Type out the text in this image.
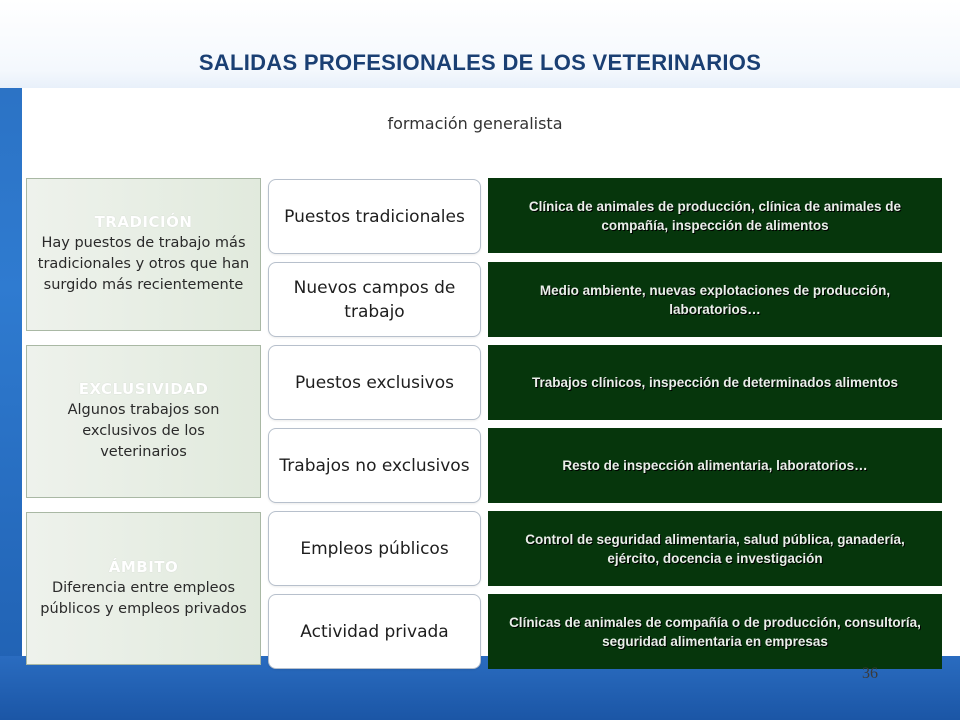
SALIDAS PROFESIONALES DE LOS VETERINARIOS
formación generalista
TRADICIÓN
Hay puestos de trabajo más tradicionales y otros que han surgido más recientemente
EXCLUSIVIDAD
Algunos trabajos son exclusivos de los veterinarios
ÁMBITO
Diferencia entre empleos públicos y empleos privados
Puestos tradicionales
Nuevos campos de trabajo
Puestos exclusivos
Trabajos no exclusivos
Empleos públicos
Actividad privada
Clínica de animales de producción, clínica de animales de compañía, inspección de alimentos
Medio ambiente, nuevas explotaciones de producción, laboratorios…
Trabajos clínicos, inspección de determinados alimentos
Resto de inspección alimentaria, laboratorios…
Control de seguridad alimentaria, salud pública, ganadería, ejército, docencia e investigación
Clínicas de animales de compañía o de producción, consultoría, seguridad alimentaria en empresas
36
